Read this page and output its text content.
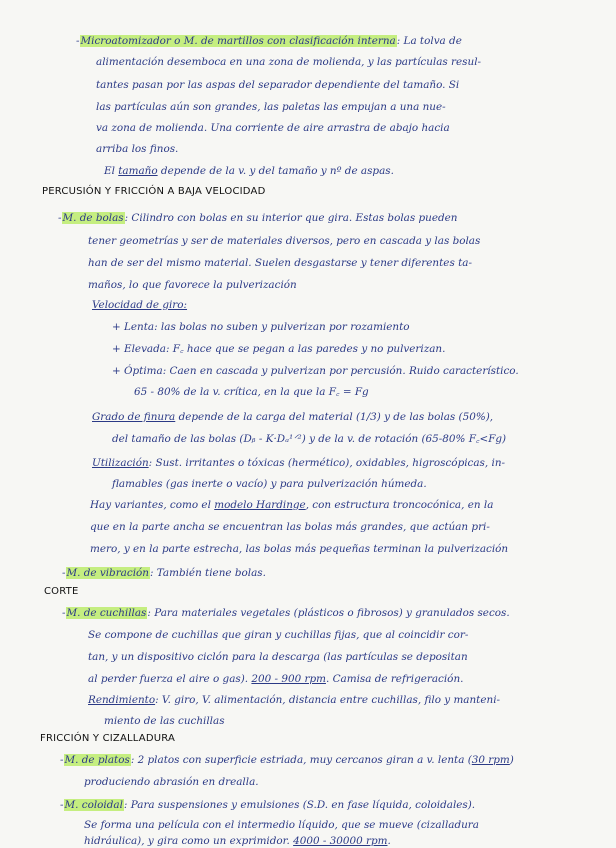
-Microatomizador o M. de martillos con clasificación interna: La tolva de
alimentación desemboca en una zona de molienda, y las partículas resul-
tantes pasan por las aspas del separador dependiente del tamaño. Si
las partículas aún son grandes, las paletas las empujan a una nue-
va zona de molienda. Una corriente de aire arrastra de abajo hacia
arriba los finos.
El tamaño depende de la v. y del tamaño y nº de aspas.
PERCUSIÓN Y FRICCIÓN A BAJA VELOCIDAD
-M. de bolas: Cilindro con bolas en su interior que gira. Estas bolas pueden
tener geometrías y ser de materiales diversos, pero en cascada y las bolas
han de ser del mismo material. Suelen desgastarse y tener diferentes ta-
maños, lo que favorece la pulverización
Velocidad de giro:
+ Lenta: las bolas no suben y pulverizan por rozamiento
+ Elevada: F꜀ hace que se pegan a las paredes y no pulverizan.
+ Óptima: Caen en cascada y pulverizan por percusión. Ruido característico.
65 - 80% de la v. crítica, en la que la F꜀ = Fg
Grado de finura depende de la carga del material (1/3) y de las bolas (50%),
del tamaño de las bolas (Dᵦ - K·Dₐ¹ᐟ²) y de la v. de rotación (65-80% F꜀<Fg)
Utilización: Sust. irritantes o tóxicas (hermético), oxidables, higroscópicas, in-
flamables (gas inerte o vacío) y para pulverización húmeda.
Hay variantes, como el modelo Hardinge, con estructura troncocónica, en la
que en la parte ancha se encuentran las bolas más grandes, que actúan pri-
mero, y en la parte estrecha, las bolas más pequeñas terminan la pulverización
-M. de vibración: También tiene bolas.
CORTE
-M. de cuchillas: Para materiales vegetales (plásticos o fibrosos) y granulados secos.
Se compone de cuchillas que giran y cuchillas fijas, que al coincidir cor-
tan, y un dispositivo ciclón para la descarga (las partículas se depositan
al perder fuerza el aire o gas). 200 - 900 rpm. Camisa de refrigeración.
Rendimiento: V. giro, V. alimentación, distancia entre cuchillas, filo y manteni-
miento de las cuchillas
FRICCIÓN Y CIZALLADURA
-M. de platos: 2 platos con superficie estriada, muy cercanos giran a v. lenta (30 rpm)
produciendo abrasión en drealla.
-M. coloidal: Para suspensiones y emulsiones (S.D. en fase líquida, coloidales).
Se forma una película con el intermedio líquido, que se mueve (cizalladura
hidráulica), y gira como un exprimidor. 4000 - 30000 rpm.
